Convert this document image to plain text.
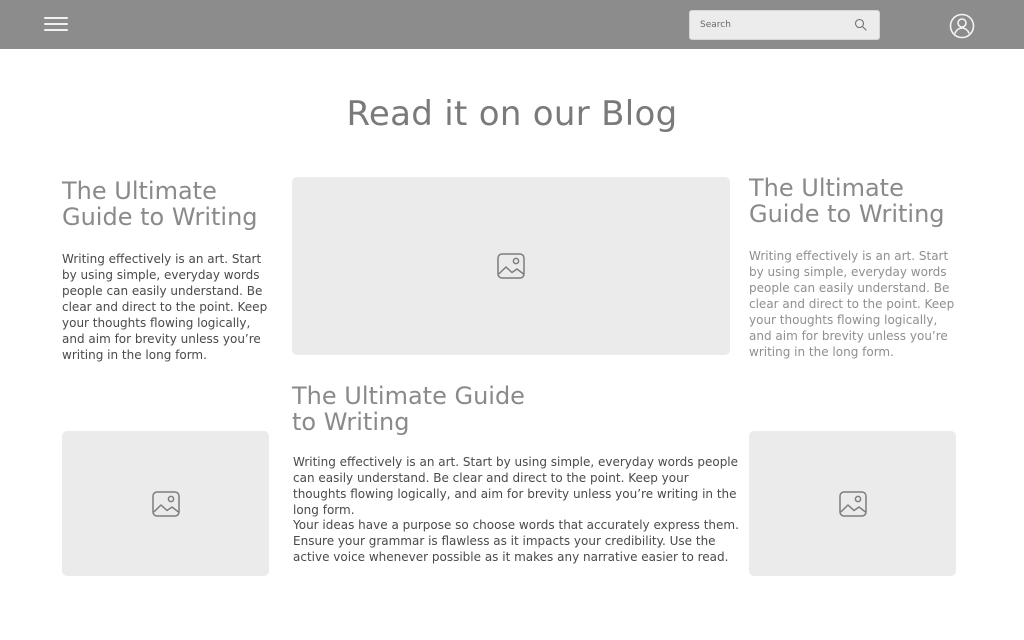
Search
Read it on our Blog
The Ultimate
Guide to Writing

Writing effectively is an art. Start by using simple, everyday words people can easily understand. Be clear and direct to the point. Keep your thoughts flowing logically, and aim for brevity unless you’re writing in the long form.

The Ultimate
Guide to Writing

Writing effectively is an art. Start by using simple, everyday words people can easily understand. Be clear and direct to the point. Keep your thoughts flowing logically, and aim for brevity unless you’re writing in the long form.

The Ultimate Guide
to Writing

Writing effectively is an art. Start by using simple, everyday words people can easily understand. Be clear and direct to the point. Keep your thoughts flowing logically, and aim for brevity unless you’re writing in the long form.

Your ideas have a purpose so choose words that accurately express them. Ensure your grammar is flawless as it impacts your credibility. Use the active voice whenever possible as it makes any narrative easier to read.
